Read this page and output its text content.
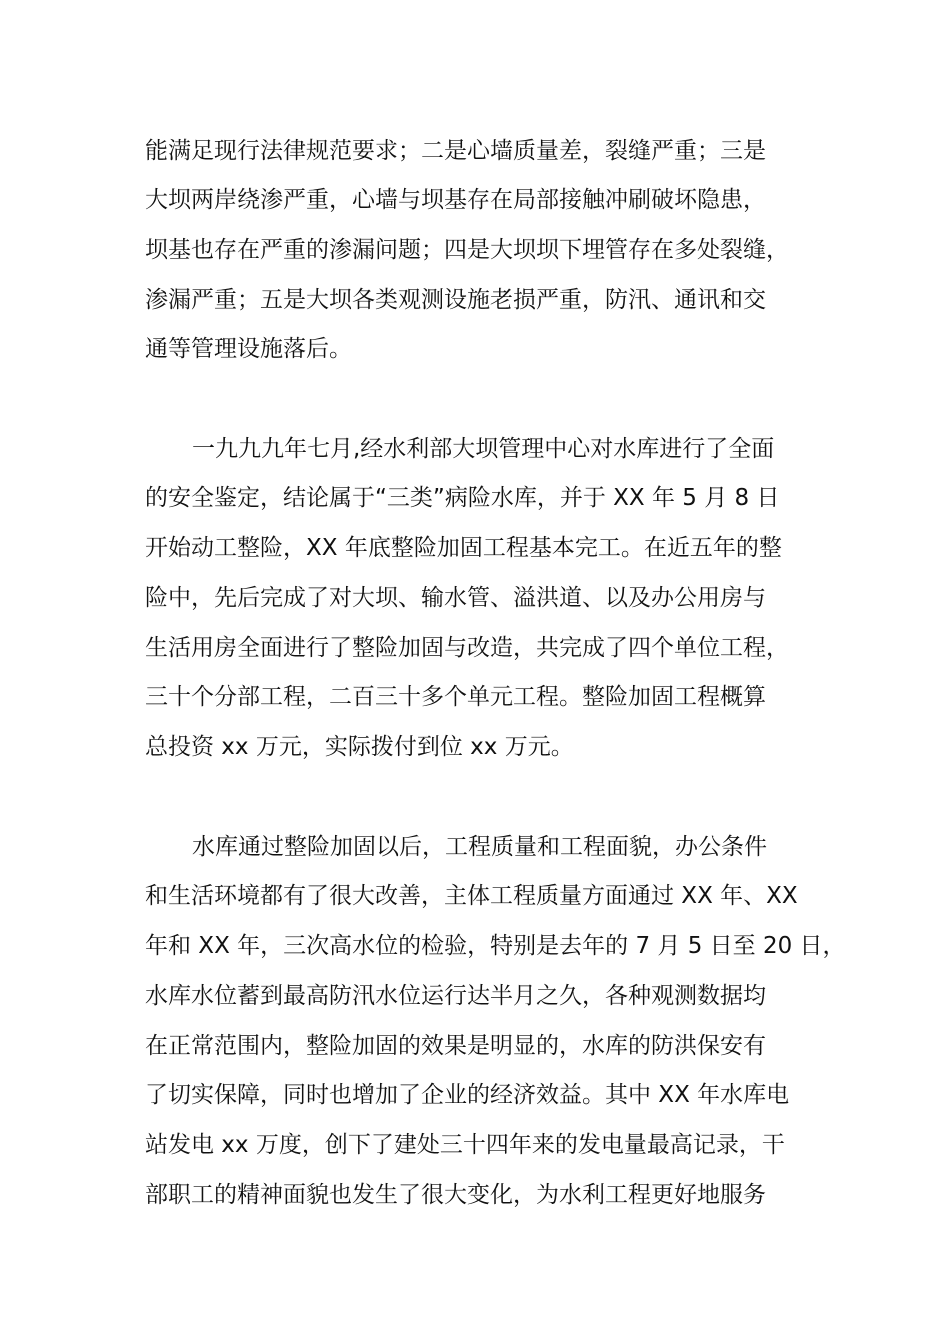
能满足现行法律规范要求；二是心墙质量差，裂缝严重；三是
大坝两岸绕渗严重，心墙与坝基存在局部接触冲刷破坏隐患，
坝基也存在严重的渗漏问题；四是大坝坝下埋管存在多处裂缝，
渗漏严重；五是大坝各类观测设施老损严重，防汛、通讯和交
通等管理设施落后。
一九九九年七月,经水利部大坝管理中心对水库进行了全面
的安全鉴定，结论属于“三类”病险水库，并于 XX 年 5 月 8 日
开始动工整险，XX 年底整险加固工程基本完工。在近五年的整
险中，先后完成了对大坝、输水管、溢洪道、以及办公用房与
生活用房全面进行了整险加固与改造，共完成了四个单位工程，
三十个分部工程，二百三十多个单元工程。整险加固工程概算
总投资 xx 万元，实际拨付到位 xx 万元。
水库通过整险加固以后，工程质量和工程面貌，办公条件
和生活环境都有了很大改善，主体工程质量方面通过 XX 年、XX
年和 XX 年，三次高水位的检验，特别是去年的 7 月 5 日至 20 日，
水库水位蓄到最高防汛水位运行达半月之久，各种观测数据均
在正常范围内，整险加固的效果是明显的，水库的防洪保安有
了切实保障，同时也增加了企业的经济效益。其中 XX 年水库电
站发电 xx 万度，创下了建处三十四年来的发电量最高记录，干
部职工的精神面貌也发生了很大变化，为水利工程更好地服务
